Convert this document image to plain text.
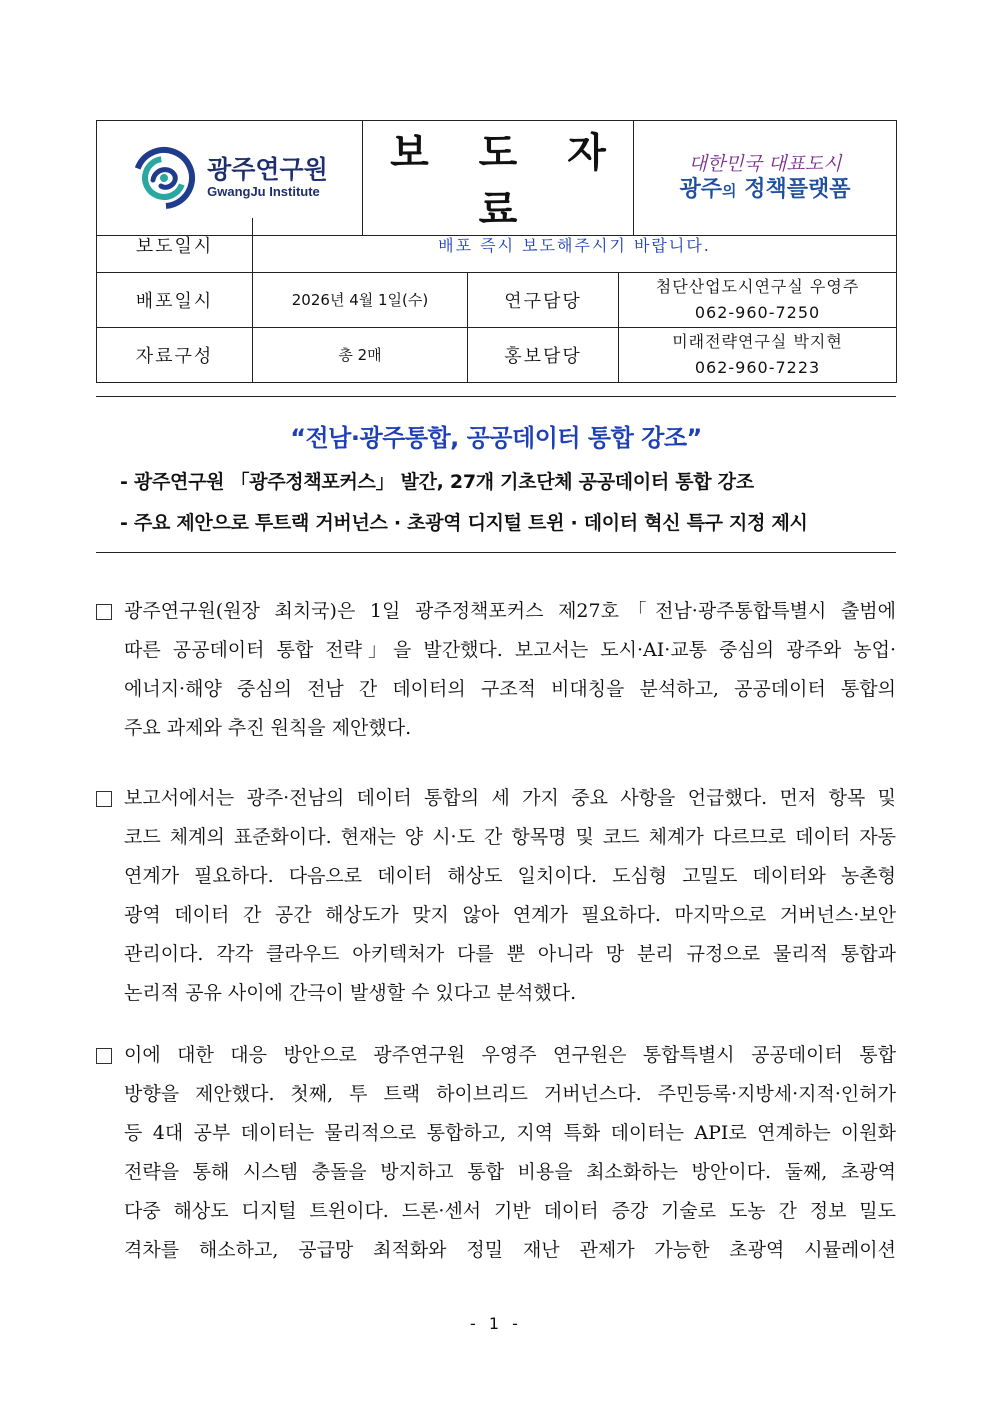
광주연구원
GwangJu Institute
	보 도 자 료	
대한민국 대표도시
광주의 정책플랫폼
보도일시	배포 즉시 보도해주시기 바랍니다.		
배포일시	2026년 4월 1일(수)	연구담당	첨단산업도시연구실 우영주
062-960-7250

자료구성	총 2매	홍보담당	미래전략연구실 박지현
062-960-7223
“전남·광주통합, 공공데이터 통합 강조”
- 광주연구원 「광주정책포커스」 발간, 27개 기초단체 공공데이터 통합 강조
- 주요 제안으로 투트랙 거버넌스 · 초광역 디지털 트윈 · 데이터 혁신 특구 지정 제시
광주연구원(원장 최치국)은 1일 광주정책포커스 제27호「전남·광주통합특별시 출범에
따른 공공데이터 통합 전략」을 발간했다. 보고서는 도시·AI·교통 중심의 광주와 농업·
에너지·해양 중심의 전남 간 데이터의 구조적 비대칭을 분석하고, 공공데이터 통합의
주요 과제와 추진 원칙을 제안했다.
보고서에서는 광주·전남의 데이터 통합의 세 가지 중요 사항을 언급했다. 먼저 항목 및
코드 체계의 표준화이다. 현재는 양 시·도 간 항목명 및 코드 체계가 다르므로 데이터 자동
연계가 필요하다. 다음으로 데이터 해상도 일치이다. 도심형 고밀도 데이터와 농촌형
광역 데이터 간 공간 해상도가 맞지 않아 연계가 필요하다. 마지막으로 거버넌스·보안
관리이다. 각각 클라우드 아키텍처가 다를 뿐 아니라 망 분리 규정으로 물리적 통합과
논리적 공유 사이에 간극이 발생할 수 있다고 분석했다.
이에 대한 대응 방안으로 광주연구원 우영주 연구원은 통합특별시 공공데이터 통합
방향을 제안했다. 첫째, 투 트랙 하이브리드 거버넌스다. 주민등록·지방세·지적·인허가
등 4대 공부 데이터는 물리적으로 통합하고, 지역 특화 데이터는 API로 연계하는 이원화
전략을 통해 시스템 충돌을 방지하고 통합 비용을 최소화하는 방안이다. 둘째, 초광역
다중 해상도 디지털 트윈이다. 드론·센서 기반 데이터 증강 기술로 도농 간 정보 밀도
격차를 해소하고, 공급망 최적화와 정밀 재난 관제가 가능한 초광역 시뮬레이션
- 1 -
